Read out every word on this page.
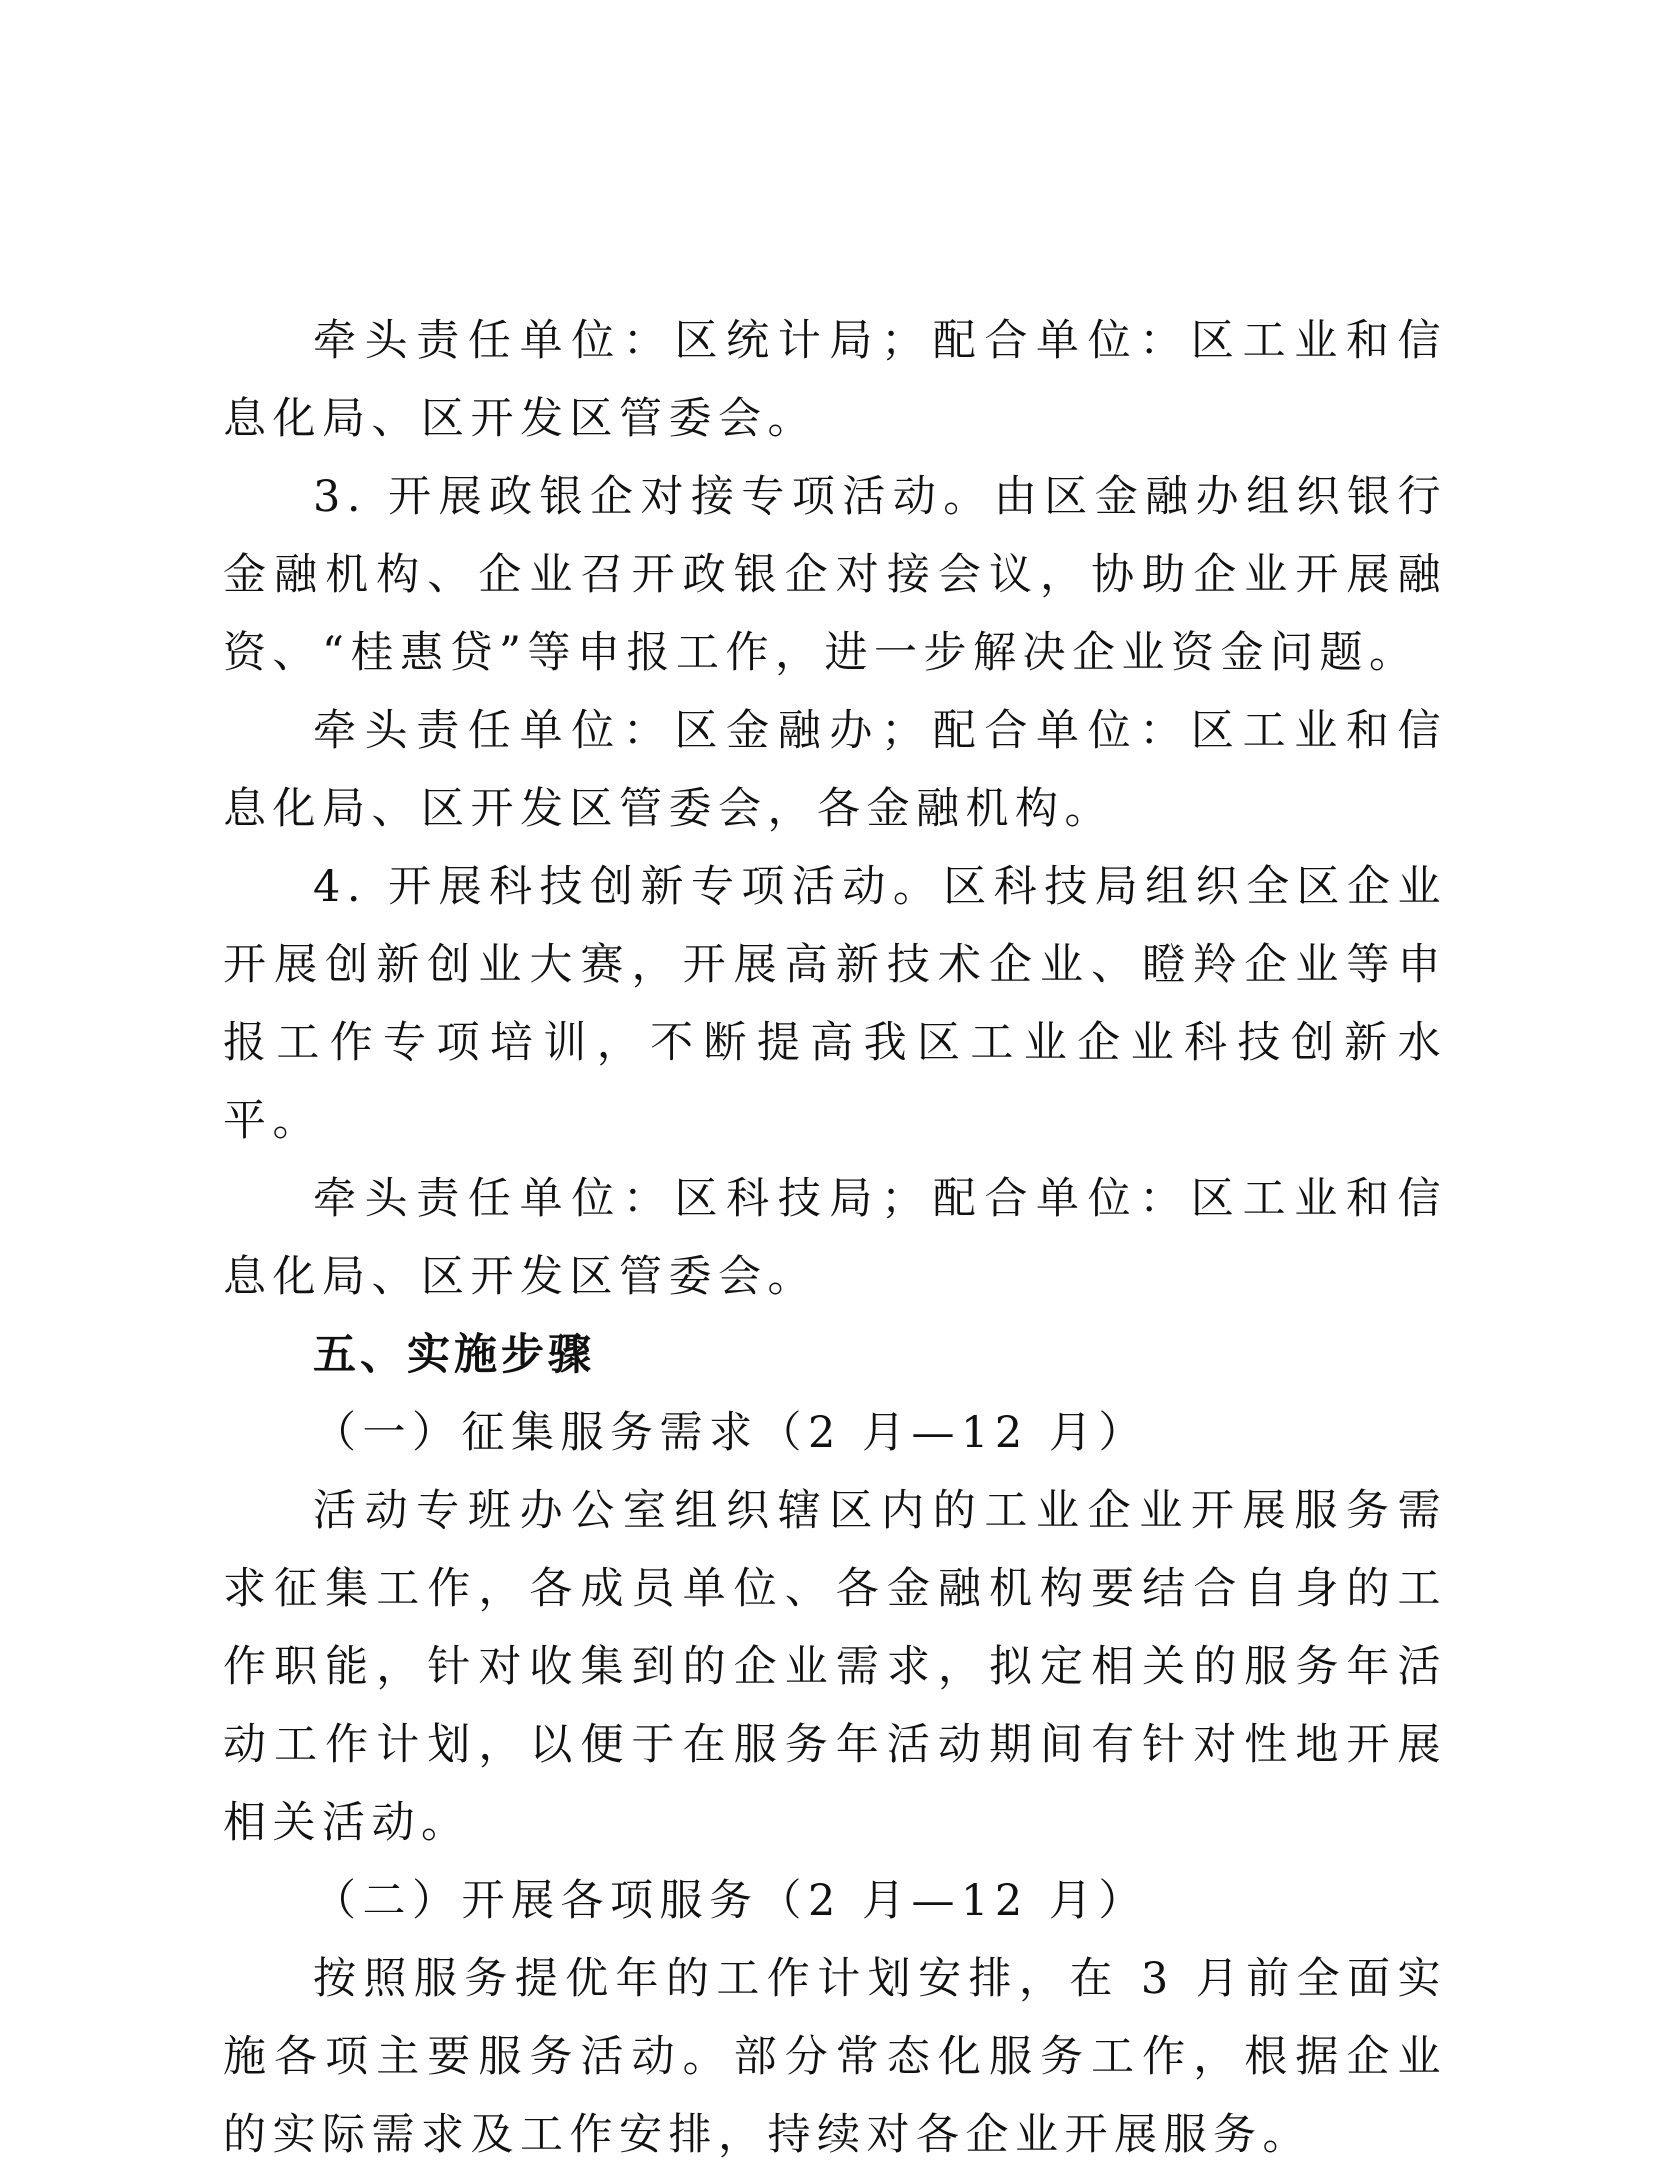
牵头责任单位：区统计局；配合单位：区工业和信息化局、区开发区管委会。

3. 开展政银企对接专项活动。由区金融办组织银行金融机构、企业召开政银企对接会议，协助企业开展融资、“桂惠贷”等申报工作，进一步解决企业资金问题。

牵头责任单位：区金融办；配合单位：区工业和信息化局、区开发区管委会，各金融机构。

4. 开展科技创新专项活动。区科技局组织全区企业开展创新创业大赛，开展高新技术企业、瞪羚企业等申报工作专项培训，不断提高我区工业企业科技创新水平。

牵头责任单位：区科技局；配合单位：区工业和信息化局、区开发区管委会。

五、实施步骤

（一）征集服务需求（2 月—12 月）

活动专班办公室组织辖区内的工业企业开展服务需求征集工作，各成员单位、各金融机构要结合自身的工作职能，针对收集到的企业需求，拟定相关的服务年活动工作计划，以便于在服务年活动期间有针对性地开展相关活动。

（二）开展各项服务（2 月—12 月）

按照服务提优年的工作计划安排，在 3 月前全面实施各项主要服务活动。部分常态化服务工作，根据企业的实际需求及工作安排，持续对各企业开展服务。
